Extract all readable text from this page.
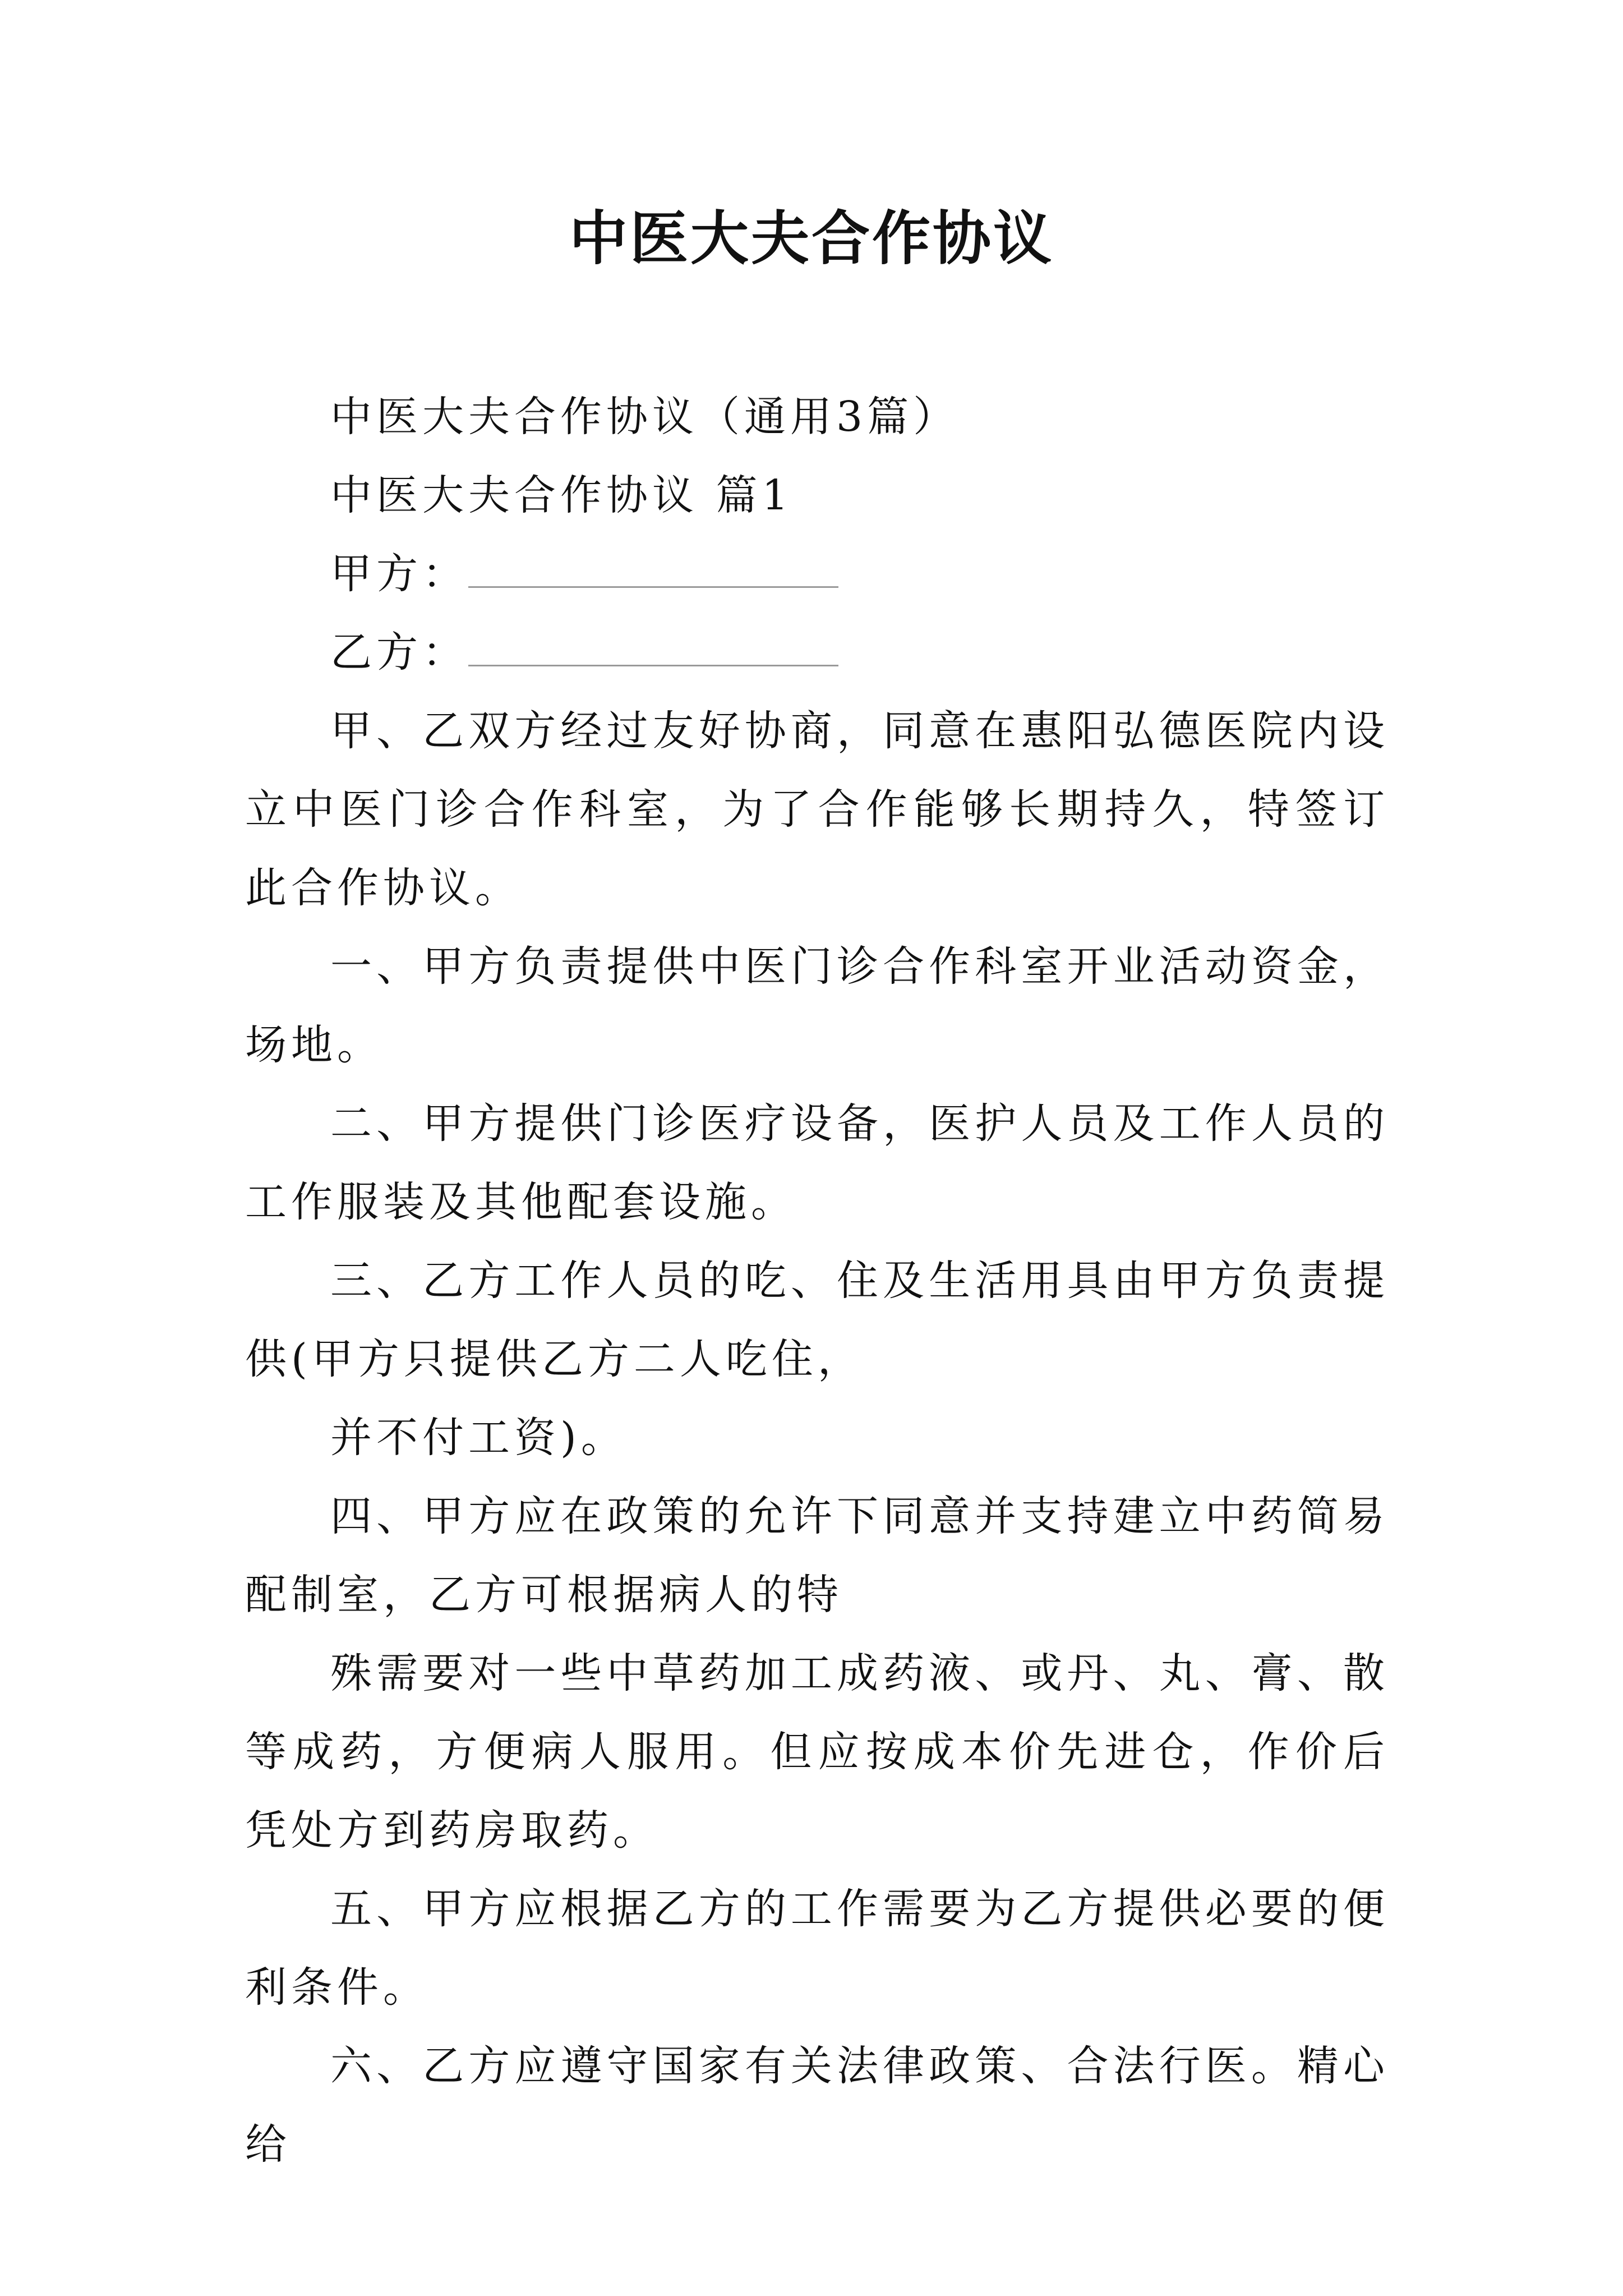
中医大夫合作协议

中医大夫合作协议（通用3篇）

中医大夫合作协议 篇1

甲方：

乙方：

甲、乙双方经过友好协商，同意在惠阳弘德医院内设立中医门诊合作科室，为了合作能够长期持久，特签订此合作协议。

一、甲方负责提供中医门诊合作科室开业活动资金，场地。

二、甲方提供门诊医疗设备，医护人员及工作人员的工作服装及其他配套设施。

三、乙方工作人员的吃、住及生活用具由甲方负责提供(甲方只提供乙方二人吃住，

并不付工资)。

四、甲方应在政策的允许下同意并支持建立中药简易配制室，乙方可根据病人的特

殊需要对一些中草药加工成药液、或丹、丸、膏、散等成药，方便病人服用。但应按成本价先进仓，作价后凭处方到药房取药。

五、甲方应根据乙方的工作需要为乙方提供必要的便利条件。

六、乙方应遵守国家有关法律政策、合法行医。精心给
